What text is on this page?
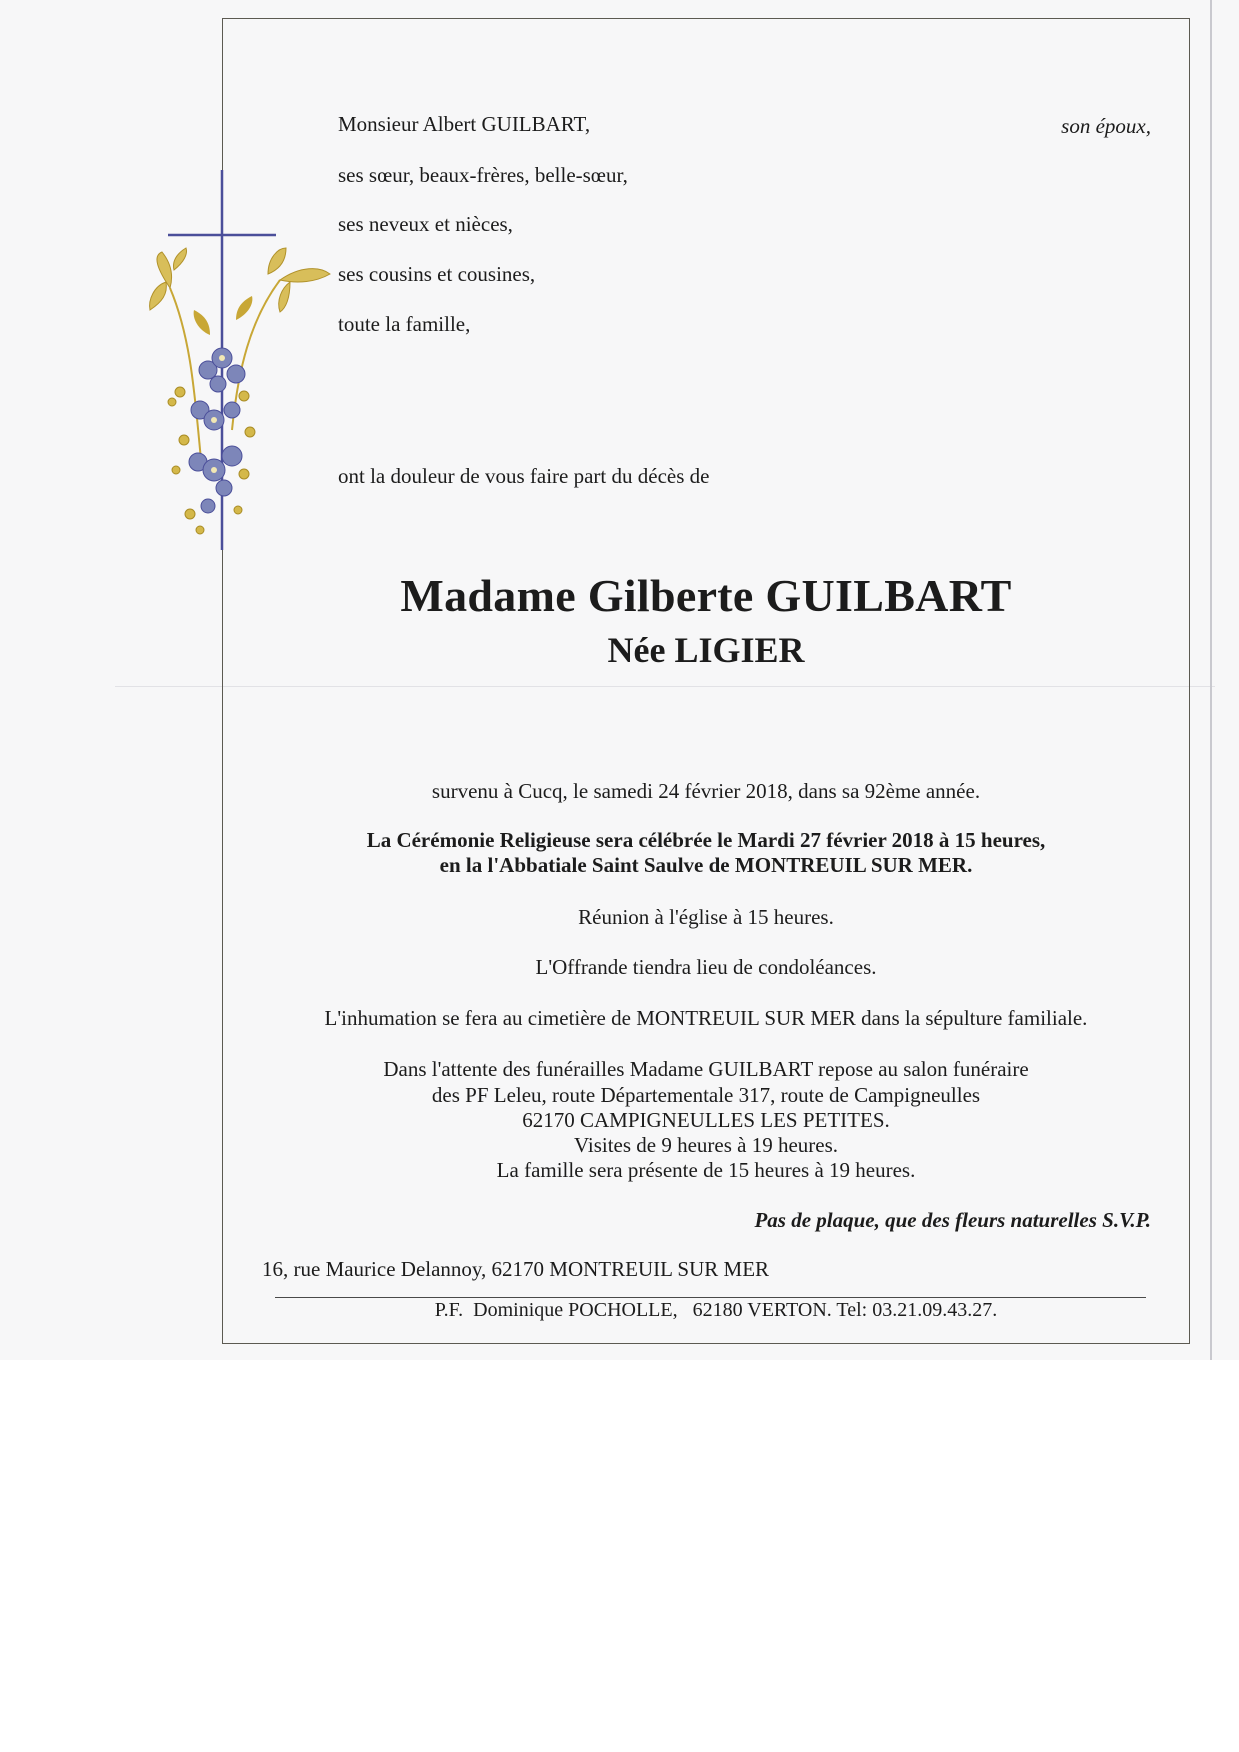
Monsieur Albert GUILBART,	son époux,
ses sœur, beaux-frères, belle-sœur,
ses neveux et nièces,
ses cousins et cousines,
toute la famille,
ont la douleur de vous faire part du décès de
Madame Gilberte GUILBART
Née LIGIER
survenu à Cucq, le samedi 24 février 2018, dans sa 92ème année.
La Cérémonie Religieuse sera célébrée le Mardi 27 février 2018 à 15 heures,
en la l'Abbatiale Saint Saulve de MONTREUIL SUR MER.
Réunion à l'église à 15 heures.
L'Offrande tiendra lieu de condoléances.
L'inhumation se fera au cimetière de MONTREUIL SUR MER dans la sépulture familiale.
Dans l'attente des funérailles Madame GUILBART repose au salon funéraire
des PF Leleu, route Départementale 317, route de Campigneulles
62170 CAMPIGNEULLES LES PETITES.
Visites de 9 heures à 19 heures.
La famille sera présente de 15 heures à 19 heures.
Pas de plaque, que des fleurs naturelles S.V.P.
16, rue Maurice Delannoy, 62170 MONTREUIL SUR MER
P.F.  Dominique POCHOLLE,   62180 VERTON. Tel: 03.21.09.43.27.
